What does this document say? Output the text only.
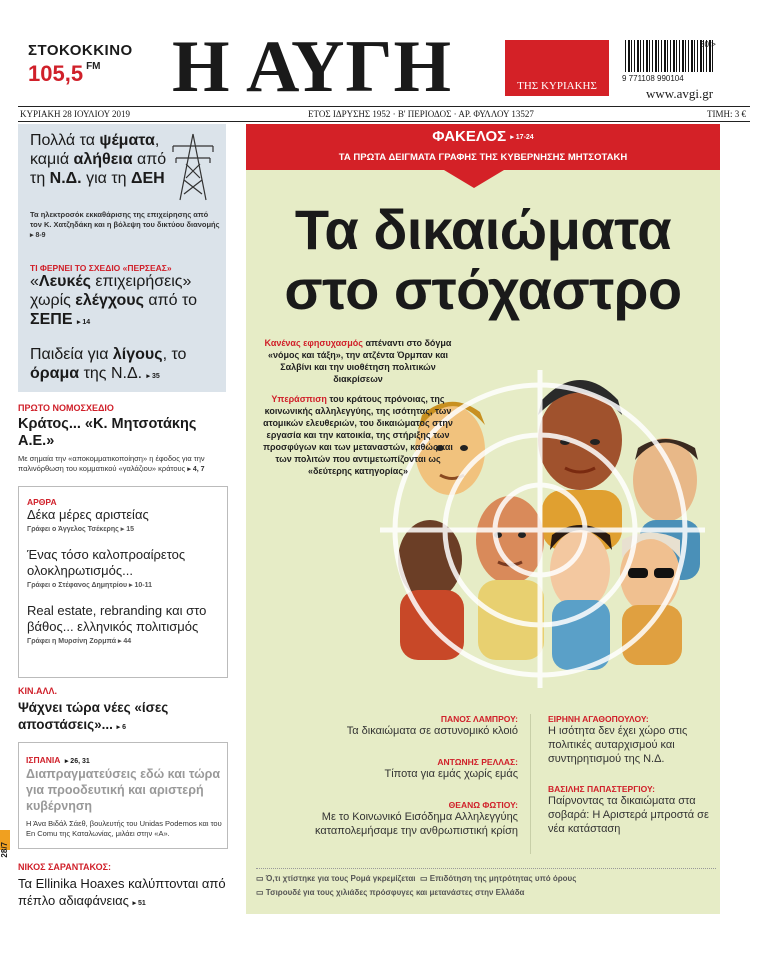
ΣΤΟΚΟΚΚΙΝΟ
105,5 $^{FM}$ Η ΑΥΓΗ	ΤΗΣ ΚΥΡΙΑΚΗΣ
9 771108 990104
30 >
www.avgi.gr
ΚΥΡΙΑΚΗ 28 ΙΟΥΛΙΟΥ 2019	ΕΤΟΣ ΙΔΡΥΣΗΣ 1952 · Β' ΠΕΡΙΟΔΟΣ · ΑΡ. ΦΥΛΛΟΥ 13527	ΤΙΜΗ: 3 €
Πολλά τα ψέματα, καμιά αλήθεια από τη Ν.Δ. για τη ΔΕΗ
Τα ηλεκτροσόκ εκκαθάρισης της επιχείρησης από τον Κ. Χατζηδάκη και η βόλεψη του δικτύου διανομής ▸ 8-9
ΤΙ ΦΕΡΝΕΙ ΤΟ ΣΧΕΔΙΟ «ΠΕΡΣΕΑΣ»
«Λευκές επιχειρήσεις» χωρίς ελέγχους από το ΣΕΠΕ ▸ 14
Παιδεία για λίγους, το όραμα της Ν.Δ. ▸ 35
ΠΡΩΤΟ ΝΟΜΟΣΧΕΔΙΟ
Κράτος... «Κ. Μητσοτάκης Α.Ε.»
Με σημαία την «αποκομματικοποίηση» η έφοδος για την παλινόρθωση του κομματικού «γαλάζιου» κράτους ▸ 4, 7
ΑΡΘΡΑ
Δέκα μέρες αριστείας
Γράφει ο Άγγελος Τσέκερης ▸ 15
Ένας τόσο καλοπροαίρετος ολοκληρωτισμός...
Γράφει ο Στέφανος Δημητρίου ▸ 10-11
Real estate, rebranding και στο βάθος... ελληνικός πολιτισμός
Γράφει η Μυρσίνη Ζορμπά ▸ 44
ΚΙΝ.ΑΛΛ.
Ψάχνει τώρα νέες «ίσες αποστάσεις»... ▸ 6
ΙΣΠΑΝΙΑ ▸ 26, 31
Διαπραγματεύσεις εδώ και τώρα για προοδευτική και αριστερή κυβέρνηση
Η Άνα Βιδάλ Σάεθ, βουλευτής του Unidas Podemos και του En Comu της Καταλωνίας, μιλάει στην «Α».
ΝΙΚΟΣ ΣΑΡΑΝΤΑΚΟΣ:
Τα Ellinika Hoaxes καλύπτονται από πέπλο αδιαφάνειας ▸ 51
28/7
ΦΑΚΕΛΟΣ ▸ 17-24
ΤΑ ΠΡΩΤΑ ΔΕΙΓΜΑΤΑ ΓΡΑΦΗΣ ΤΗΣ ΚΥΒΕΡΝΗΣΗΣ ΜΗΤΣΟΤΑΚΗ
Τα δικαιώματα
στο στόχαστρο

Κανένας εφησυχασμός απέναντι στο δόγμα «νόμος και τάξη», την ατζέντα Όρμπαν και Σαλβίνι και την υιοθέτηση πολιτικών διακρίσεων

Υπεράσπιση του κράτους πρόνοιας, της κοινωνικής αλληλεγγύης, της ισότητας, των ατομικών ελευθεριών, του δικαιώματος στην εργασία και την κατοικία, της στήριξης των προσφύγων και των μεταναστών, καθώς και των πολιτών που αντιμετωπίζονται ως «δεύτερης κατηγορίας»

ΠΑΝΟΣ ΛΑΜΠΡΟΥ:
Τα δικαιώματα σε αστυνομικό κλοιό
ΑΝΤΩΝΗΣ ΡΕΛΛΑΣ:
Τίποτα για εμάς χωρίς εμάς
ΘΕΑΝΩ ΦΩΤΙΟΥ:
Με το Κοινωνικό Εισόδημα Αλληλεγγύης καταπολεμήσαμε την ανθρωπιστική κρίση
ΕΙΡΗΝΗ ΑΓΑΘΟΠΟΥΛΟΥ:
Η ισότητα δεν έχει χώρο στις πολιτικές αυταρχισμού και συντηρητισμού της Ν.Δ.
ΒΑΣΙΛΗΣ ΠΑΠΑΣΤΕΡΓΙΟΥ:
Παίρνοντας τα δικαιώματα στα σοβαρά: Η Αριστερά μπροστά σε νέα κατάσταση
▭ Ό,τι χτίστηκε για τους Ρομά γκρεμίζεται ▭ Επιδότηση της μητρότητας υπό όρους
▭ Τσιρουδέ για τους χιλιάδες πρόσφυγες και μετανάστες στην Ελλάδα
